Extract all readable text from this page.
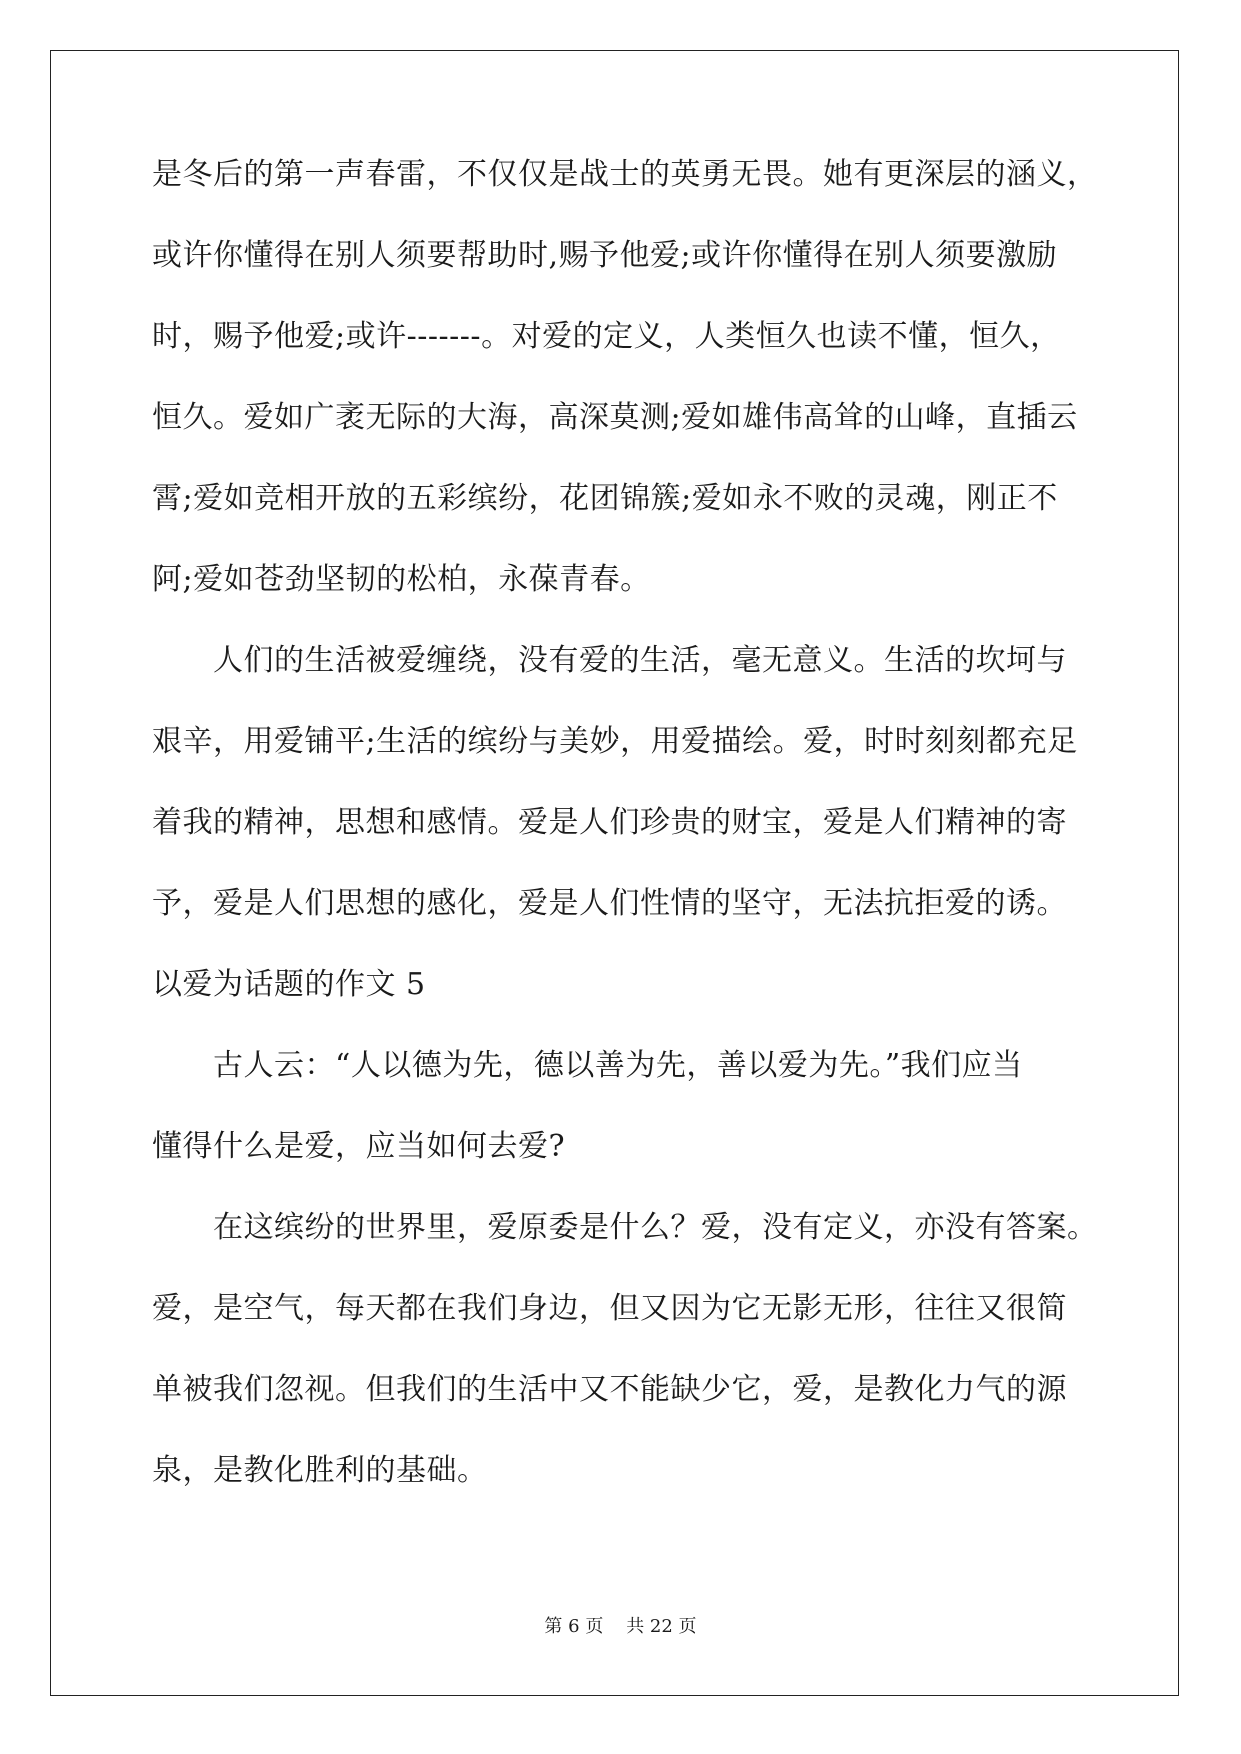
是冬后的第一声春雷，不仅仅是战士的英勇无畏。她有更深层的涵义，
或许你懂得在别人须要帮助时,赐予他爱;或许你懂得在别人须要激励
时，赐予他爱;或许-------。对爱的定义，人类恒久也读不懂，恒久，
恒久。爱如广袤无际的大海，高深莫测;爱如雄伟高耸的山峰，直插云
霄;爱如竞相开放的五彩缤纷，花团锦簇;爱如永不败的灵魂，刚正不
阿;爱如苍劲坚韧的松柏，永葆青春。
　　人们的生活被爱缠绕，没有爱的生活，毫无意义。生活的坎坷与
艰辛，用爱铺平;生活的缤纷与美妙，用爱描绘。爱，时时刻刻都充足
着我的精神，思想和感情。爱是人们珍贵的财宝，爱是人们精神的寄
予，爱是人们思想的感化，爱是人们性情的坚守，无法抗拒爱的诱。
以爱为话题的作文 5
　　古人云：“人以德为先，德以善为先，善以爱为先。”我们应当
懂得什么是爱，应当如何去爱?
　　在这缤纷的世界里，爱原委是什么？爱，没有定义，亦没有答案。
爱，是空气，每天都在我们身边，但又因为它无影无形，往往又很简
单被我们忽视。但我们的生活中又不能缺少它，爱，是教化力气的源
泉，是教化胜利的基础。
第 6 页    共 22 页
